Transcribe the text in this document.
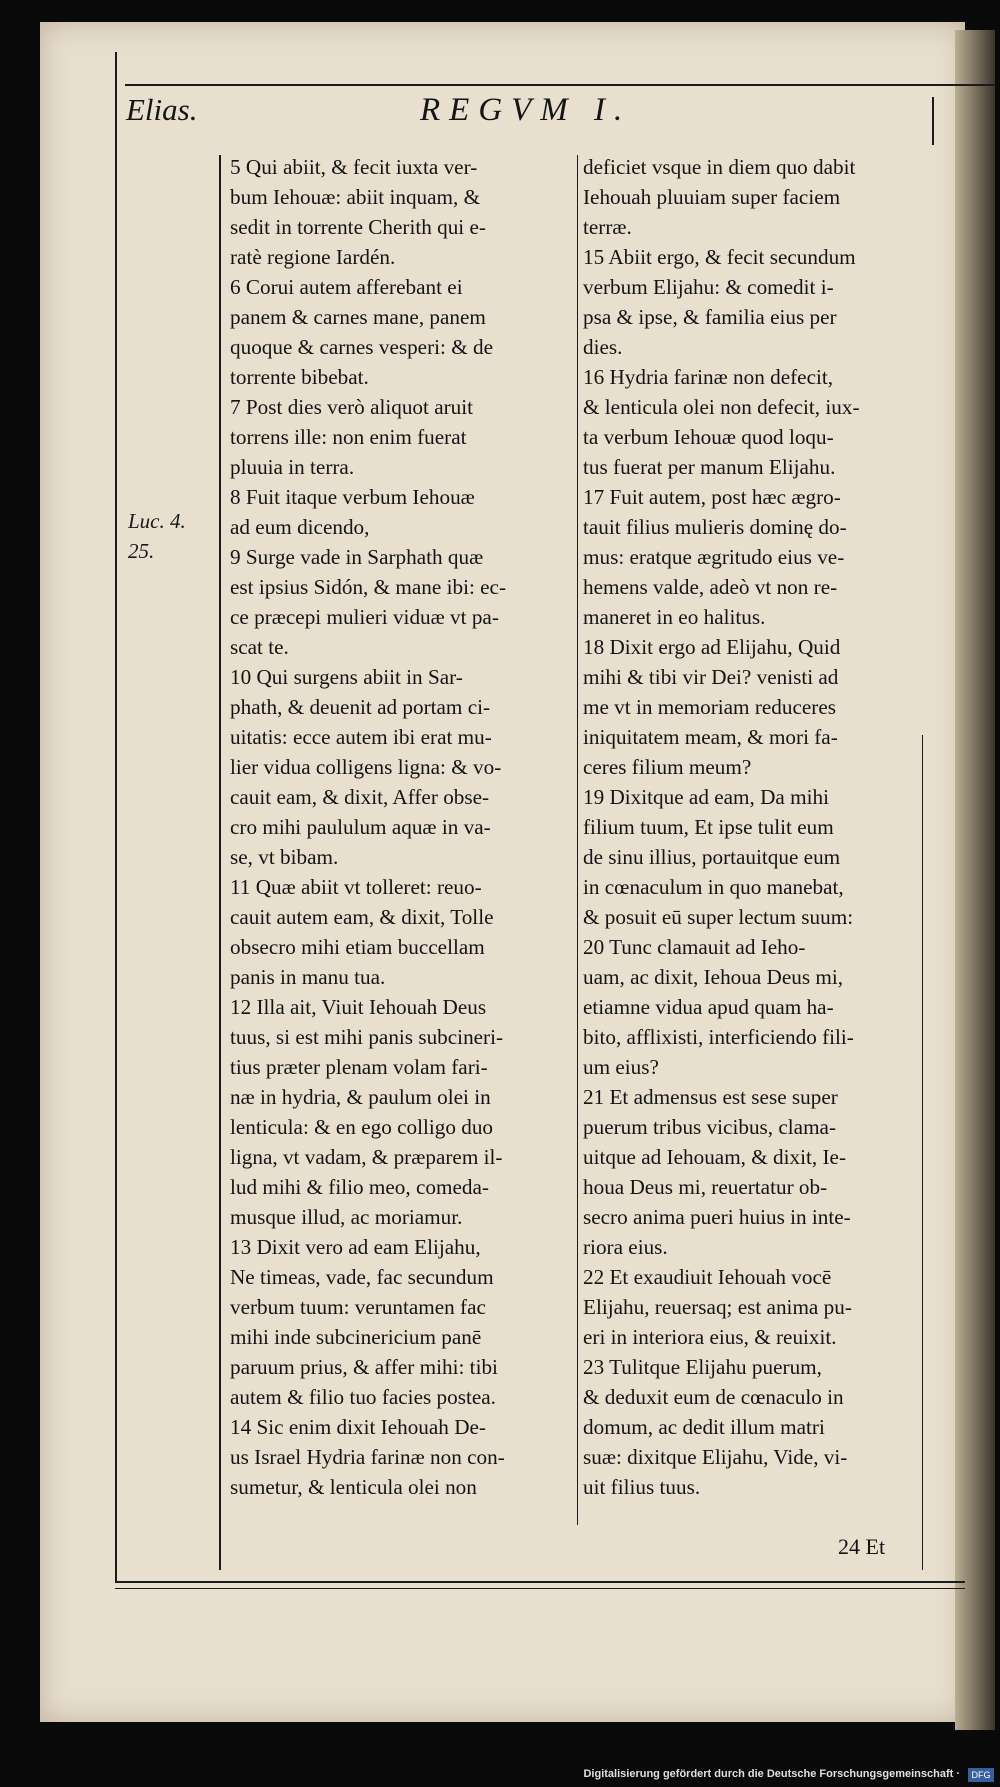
Elias.	REGVM I.
Luc. 4.
25.
5 Qui abiit, & fecit iuxta ver-
bum Iehouæ: abiit inquam, &
sedit in torrente Cherith qui e-
ratè regione Iardén.
6 Corui autem afferebant ei
panem & carnes mane, panem
quoque & carnes vesperi: & de
torrente bibebat.
7 Post dies verò aliquot aruit
torrens ille: non enim fuerat
pluuia in terra.
8 Fuit itaque verbum Iehouæ
ad eum dicendo,
9 Surge vade in Sarphath quæ
est ipsius Sidón, & mane ibi: ec-
ce præcepi mulieri viduæ vt pa-
scat te.
10 Qui surgens abiit in Sar-
phath, & deuenit ad portam ci-
uitatis: ecce autem ibi erat mu-
lier vidua colligens ligna: & vo-
cauit eam, & dixit, Affer obse-
cro mihi paululum aquæ in va-
se, vt bibam.
11 Quæ abiit vt tolleret: reuo-
cauit autem eam, & dixit, Tolle
obsecro mihi etiam buccellam
panis in manu tua.
12 Illa ait, Viuit Iehouah Deus
tuus, si est mihi panis subcineri-
tius præter plenam volam fari-
næ in hydria, & paulum olei in
lenticula: & en ego colligo duo
ligna, vt vadam, & præparem il-
lud mihi & filio meo, comeda-
musque illud, ac moriamur.
13 Dixit vero ad eam Elijahu,
Ne timeas, vade, fac secundum
verbum tuum: veruntamen fac
mihi inde subcinericium panē
paruum prius, & affer mihi: tibi
autem & filio tuo facies postea.
14 Sic enim dixit Iehouah De-
us Israel Hydria farinæ non con-
sumetur, & lenticula olei non
deficiet vsque in diem quo dabit
Iehouah pluuiam super faciem
terræ.
15 Abiit ergo, & fecit secundum
verbum Elijahu: & comedit i-
psa & ipse, & familia eius per
dies.
16 Hydria farinæ non defecit,
& lenticula olei non defecit, iux-
ta verbum Iehouæ quod loqu-
tus fuerat per manum Elijahu.
17 Fuit autem, post hæc ægro-
tauit filius mulieris dominę do-
mus: eratque ægritudo eius ve-
hemens valde, adeò vt non re-
maneret in eo halitus.
18 Dixit ergo ad Elijahu, Quid
mihi & tibi vir Dei? venisti ad
me vt in memoriam reduceres
iniquitatem meam, & mori fa-
ceres filium meum?
19 Dixitque ad eam, Da mihi
filium tuum, Et ipse tulit eum
de sinu illius, portauitque eum
in cœnaculum in quo manebat,
& posuit eū super lectum suum:
20 Tunc clamauit ad Ieho-
uam, ac dixit, Iehoua Deus mi,
etiamne vidua apud quam ha-
bito, afflixisti, interficiendo fili-
um eius?
21 Et admensus est sese super
puerum tribus vicibus, clama-
uitque ad Iehouam, & dixit, Ie-
houa Deus mi, reuertatur ob-
secro anima pueri huius in inte-
riora eius.
22 Et exaudiuit Iehouah vocē
Elijahu, reuersaq; est anima pu-
eri in interiora eius, & reuixit.
23 Tulitque Elijahu puerum,
& deduxit eum de cœnaculo in
domum, ac dedit illum matri
suæ: dixitque Elijahu, Vide, vi-
uit filius tuus.
24 Et
Digitalisierung gefördert durch die Deutsche Forschungsgemeinschaft ·	DFG
